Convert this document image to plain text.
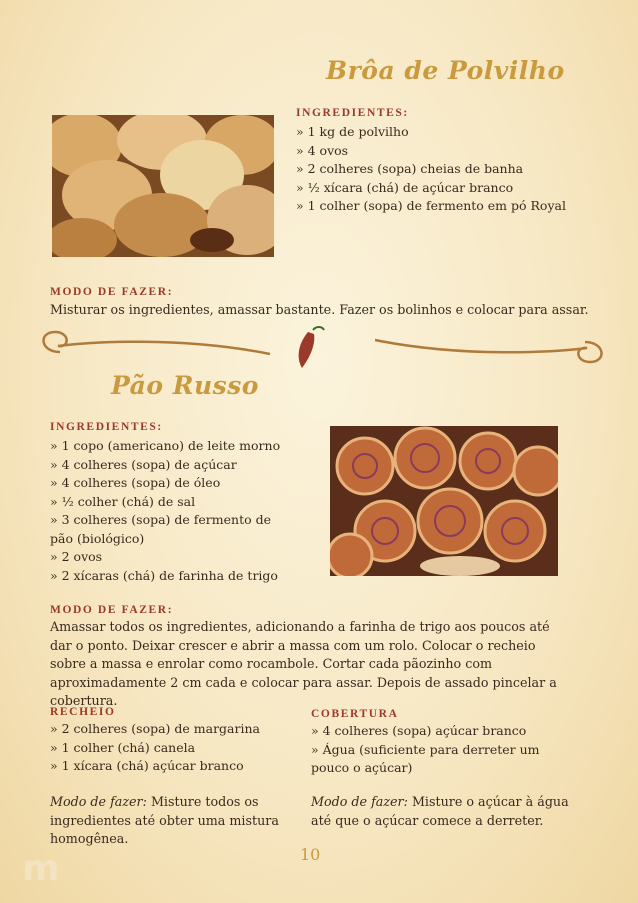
Brôa de Polvilho
INGREDIENTES:
» 1 kg de polvilho
» 4 ovos
» 2 colheres (sopa) cheias de banha
» ½ xícara (chá) de açúcar branco
» 1 colher (sopa) de fermento em pó Royal
MODO DE FAZER:
Misturar os ingredientes, amassar bastante. Fazer os bolinhos e colocar para assar.
Pão Russo
INGREDIENTES:
» 1 copo (americano) de leite morno
» 4 colheres (sopa) de açúcar
» 4 colheres (sopa) de óleo
» ½ colher (chá) de sal
» 3 colheres (sopa) de fermento de pão (biológico)
» 2 ovos
» 2 xícaras (chá) de farinha de trigo
MODO DE FAZER:
Amassar todos os ingredientes, adicionando a farinha de trigo aos poucos até dar o ponto. Deixar crescer e abrir a massa com um rolo. Colocar o recheio sobre a massa e enrolar como rocambole. Cortar cada pãozinho com aproximadamente 2 cm cada e colocar para assar. Depois de assado pincelar a cobertura.
RECHEIO
» 2 colheres (sopa) de margarina
» 1 colher (chá) canela
» 1 xícara (chá) açúcar branco
Modo de fazer: Misture todos os ingredientes até obter uma mistura homogênea.
COBERTURA
» 4 colheres (sopa) açúcar branco
» Água (suficiente para derreter um pouco o açúcar)
Modo de fazer: Misture o açúcar à água até que o açúcar comece a derreter.
10
m
